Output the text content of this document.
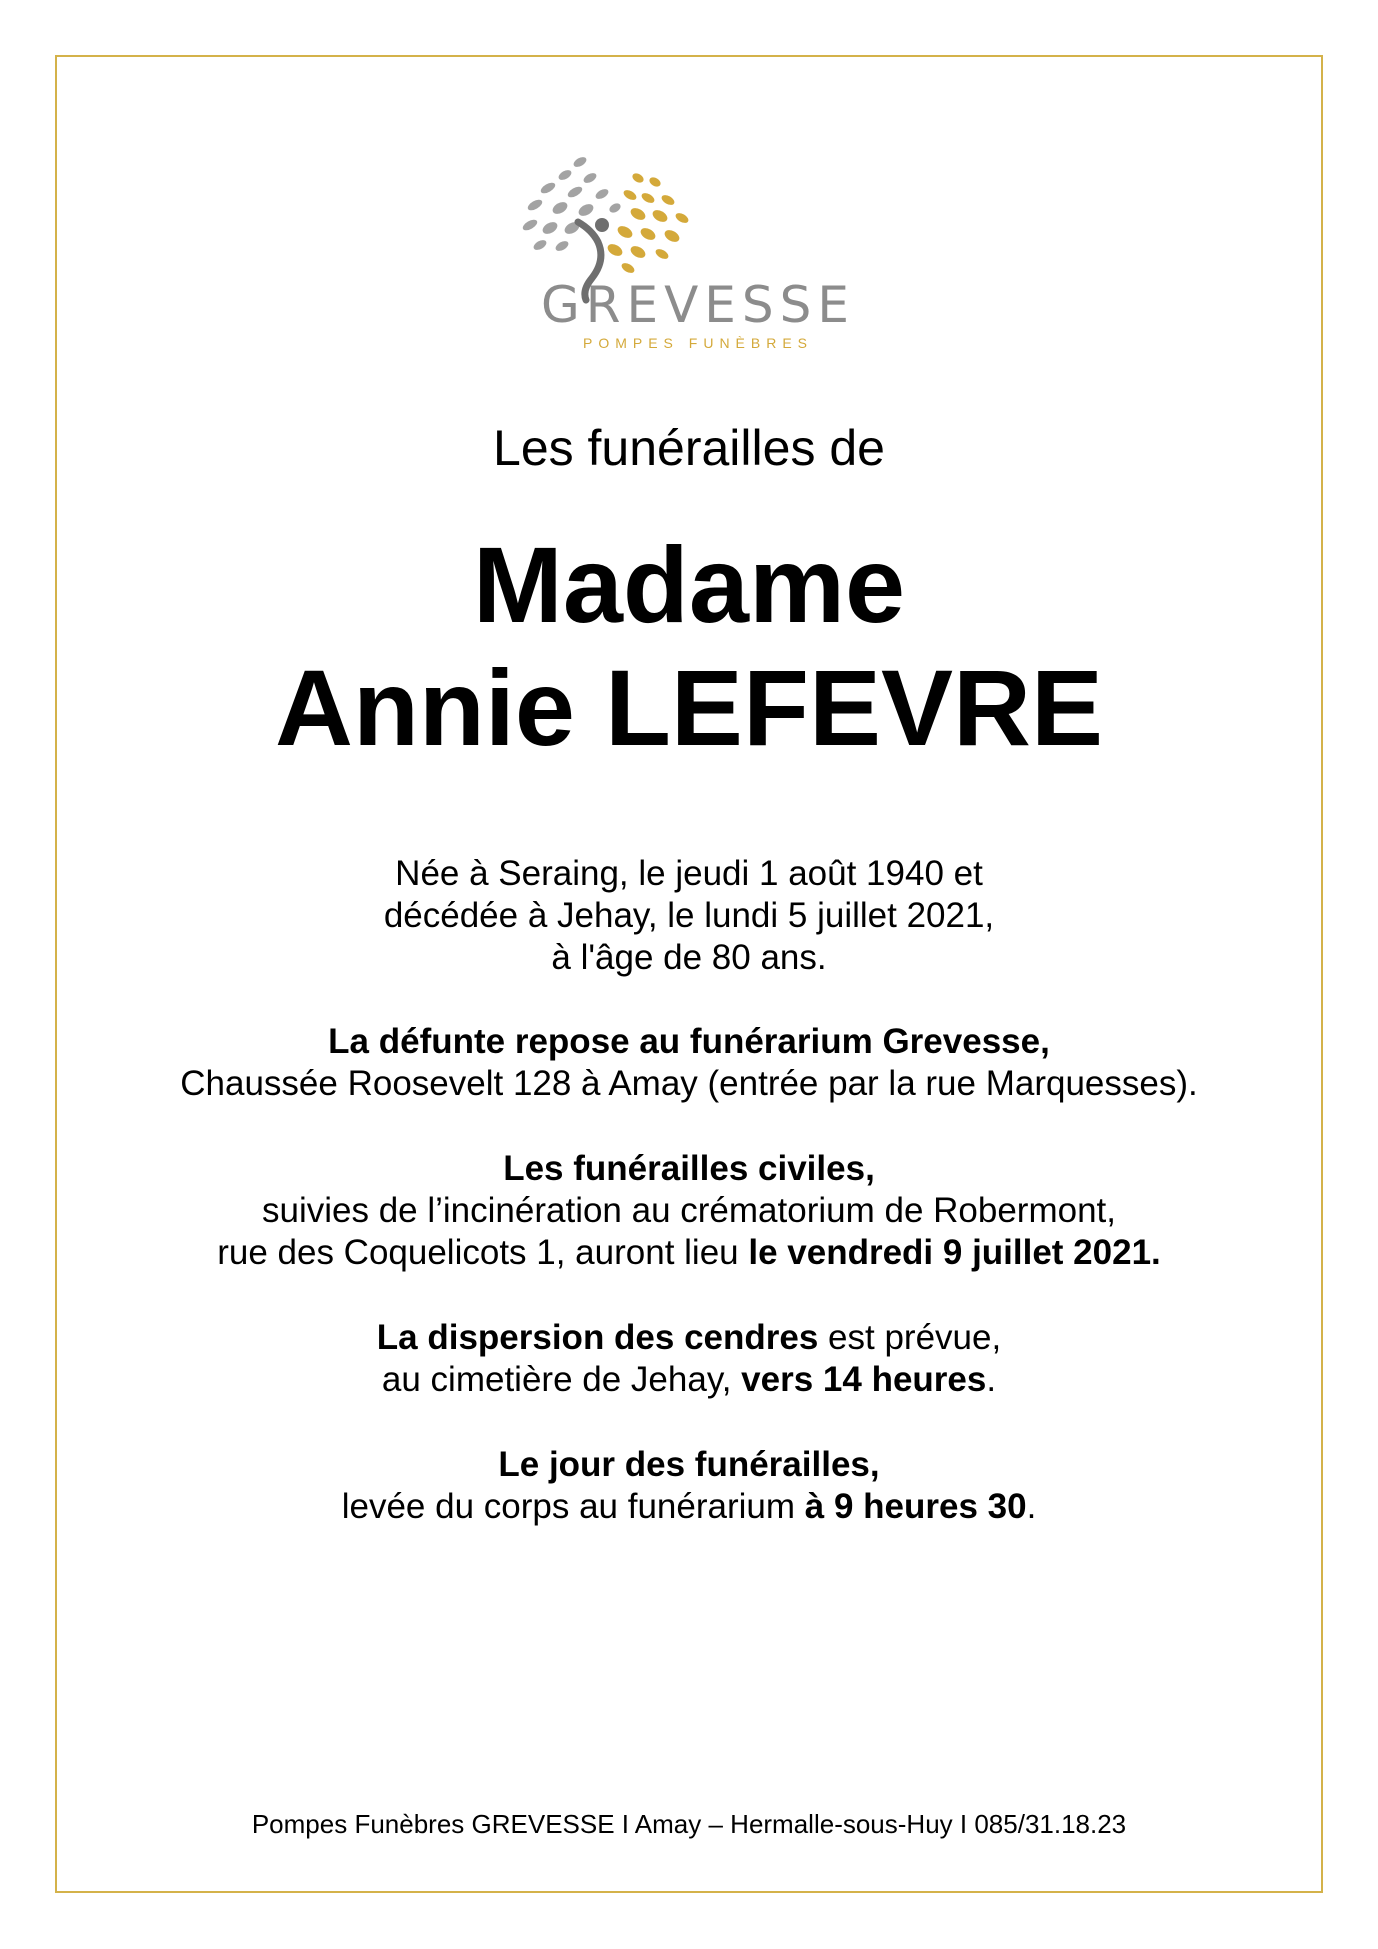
GREVESSE
POMPES FUNÈBRES
Les funérailles de
Madame
Annie LEFEVRE
Née à Seraing, le jeudi 1 août 1940 et
décédée à Jehay, le lundi 5 juillet 2021,
à l'âge de 80 ans.
La défunte repose au funérarium Grevesse,
Chaussée Roosevelt 128 à Amay (entrée par la rue Marquesses).
Les funérailles civiles,
suivies de l’incinération au crématorium de Robermont,
rue des Coquelicots 1, auront lieu le vendredi 9 juillet 2021.
La dispersion des cendres est prévue,
au cimetière de Jehay, vers 14 heures.
Le jour des funérailles,
levée du corps au funérarium à 9 heures 30.
Pompes Funèbres GREVESSE I Amay – Hermalle-sous-Huy I 085/31.18.23
